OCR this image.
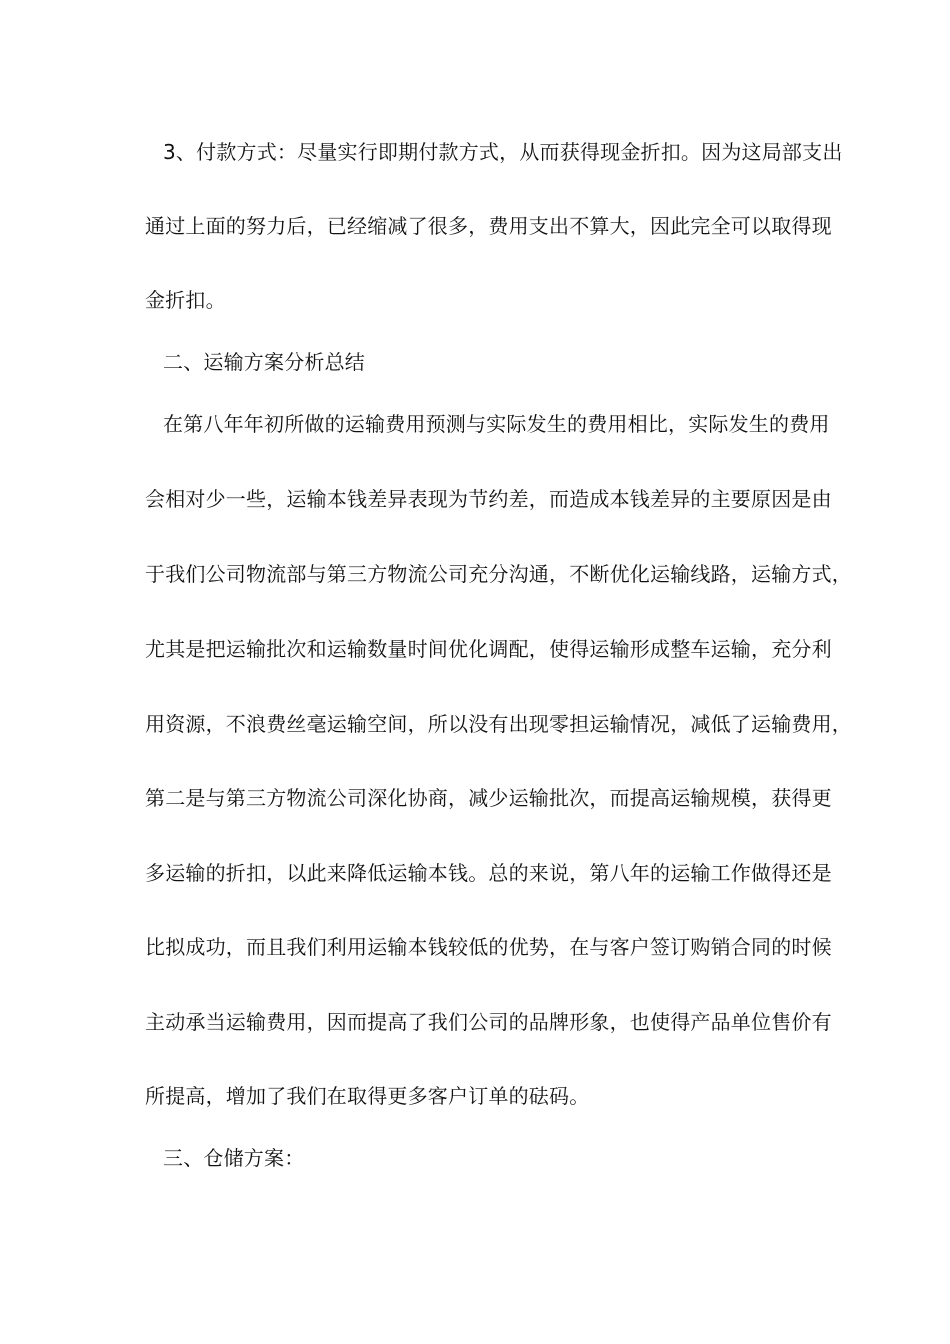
3、付款方式：尽量实行即期付款方式，从而获得现金折扣。因为这局部支出
通过上面的努力后，已经缩减了很多，费用支出不算大，因此完全可以取得现
金折扣。
二、运输方案分析总结
在第八年年初所做的运输费用预测与实际发生的费用相比，实际发生的费用
会相对少一些，运输本钱差异表现为节约差，而造成本钱差异的主要原因是由
于我们公司物流部与第三方物流公司充分沟通，不断优化运输线路，运输方式，
尤其是把运输批次和运输数量时间优化调配，使得运输形成整车运输，充分利
用资源，不浪费丝毫运输空间，所以没有出现零担运输情况，减低了运输费用，
第二是与第三方物流公司深化协商，减少运输批次，而提高运输规模，获得更
多运输的折扣，以此来降低运输本钱。总的来说，第八年的运输工作做得还是
比拟成功，而且我们利用运输本钱较低的优势，在与客户签订购销合同的时候
主动承当运输费用，因而提高了我们公司的品牌形象，也使得产品单位售价有
所提高，增加了我们在取得更多客户订单的砝码。
三、仓储方案：
